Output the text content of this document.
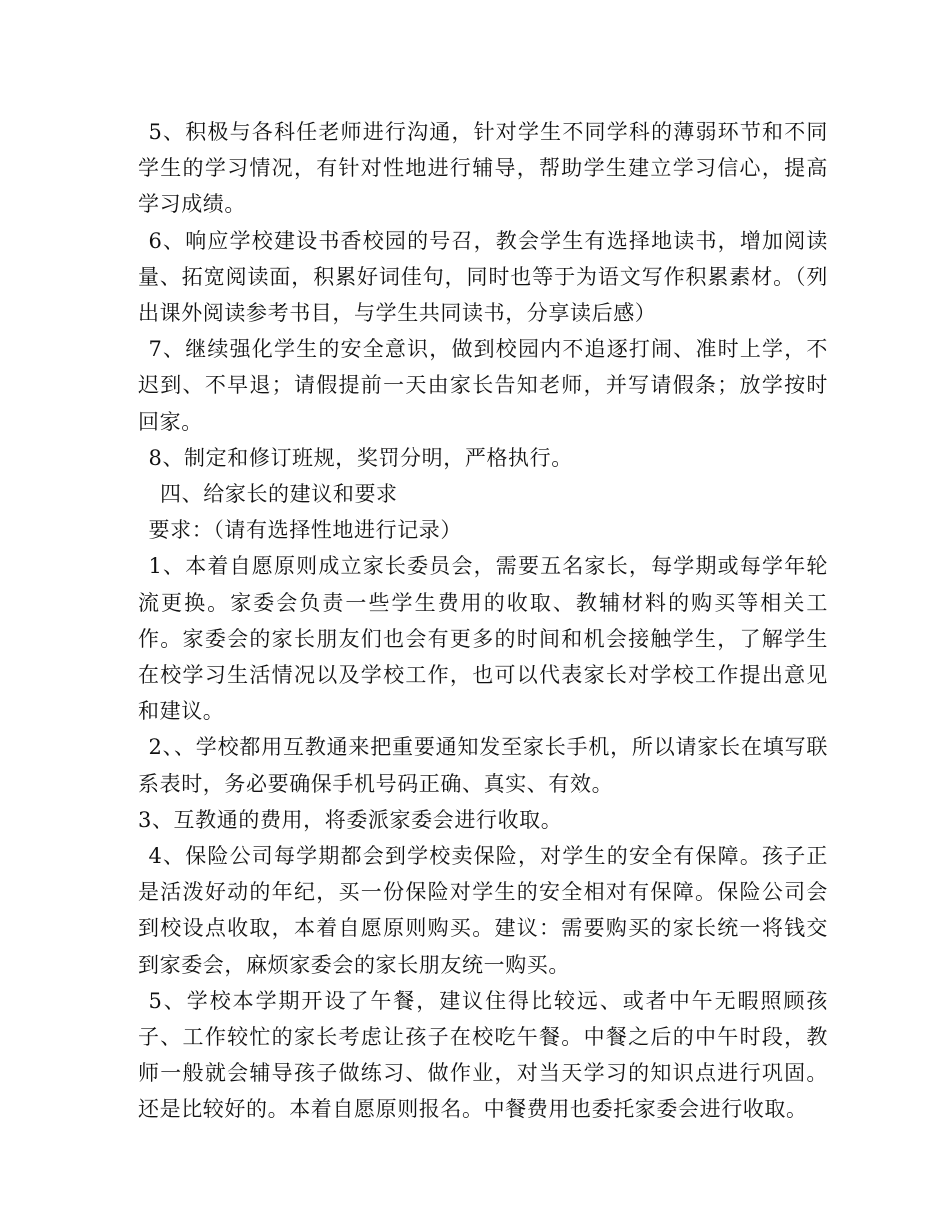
5、积极与各科任老师进行沟通，针对学生不同学科的薄弱环节和不同学生的学习情况，有针对性地进行辅导，帮助学生建立学习信心，提高学习成绩。

6、响应学校建设书香校园的号召，教会学生有选择地读书，增加阅读量、拓宽阅读面，积累好词佳句，同时也等于为语文写作积累素材。（列出课外阅读参考书目，与学生共同读书，分享读后感）

7、继续强化学生的安全意识，做到校园内不追逐打闹、准时上学，不迟到、不早退；请假提前一天由家长告知老师，并写请假条；放学按时回家。

8、制定和修订班规，奖罚分明，严格执行。

四、给家长的建议和要求

要求：（请有选择性地进行记录）

1、本着自愿原则成立家长委员会，需要五名家长，每学期或每学年轮流更换。家委会负责一些学生费用的收取、教辅材料的购买等相关工作。家委会的家长朋友们也会有更多的时间和机会接触学生，了解学生在校学习生活情况以及学校工作，也可以代表家长对学校工作提出意见和建议。

2、、学校都用互教通来把重要通知发至家长手机，所以请家长在填写联系表时，务必要确保手机号码正确、真实、有效。

3、互教通的费用，将委派家委会进行收取。

4、保险公司每学期都会到学校卖保险，对学生的安全有保障。孩子正是活泼好动的年纪，买一份保险对学生的安全相对有保障。保险公司会到校设点收取，本着自愿原则购买。建议：需要购买的家长统一将钱交到家委会，麻烦家委会的家长朋友统一购买。

5、学校本学期开设了午餐，建议住得比较远、或者中午无暇照顾孩子、工作较忙的家长考虑让孩子在校吃午餐。中餐之后的中午时段，教师一般就会辅导孩子做练习、做作业，对当天学习的知识点进行巩固。还是比较好的。本着自愿原则报名。中餐费用也委托家委会进行收取。
